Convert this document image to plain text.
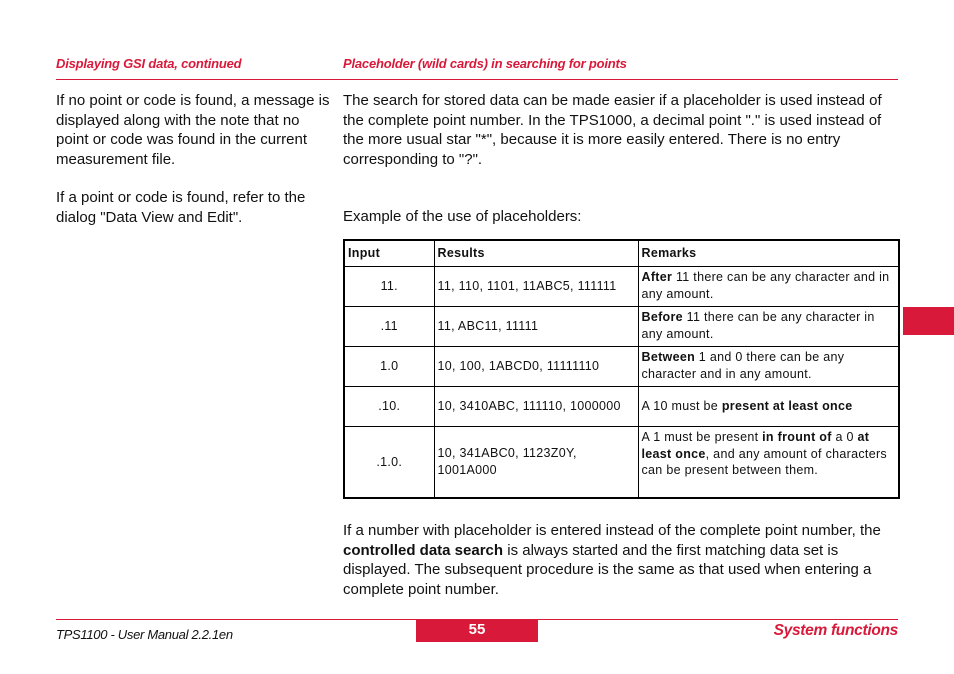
Displaying GSI data, continued	Placeholder (wild cards) in searching for points
If no point or code is found, a message is displayed along with the note that no point or code was found in the current measurement file.
If a point or code is found, refer to the dialog "Data View and Edit".
The search for stored data can be made easier if a placeholder is used instead of the complete point number. In the TPS1000, a decimal point "." is used instead of the more usual star "*", because it is more easily entered. There is no entry corresponding to "?".
Example of the use of placeholders:
Input	Results	Remarks
11.	11, 110, 1101, 11ABC5, 111111	After 11 there can be any character and in any amount.
.11	11, ABC11, 11111	Before 11 there can be any character in any amount.
1.0	10, 100, 1ABCD0, 11111110	Between 1 and 0 there can be any character and in any amount.
.10.	10, 3410ABC, 111110, 1000000	A 10 must be present at least once
.1.0.	10, 341ABC0, 1123Z0Y, 1001A000	A 1 must be present in frount of a 0 at least once, and any amount of characters can be present between them.
If a number with placeholder is entered instead of the complete point number, the controlled data search is always started and the first matching data set is displayed. The subsequent procedure is the same as that used when entering a complete point number.
TPS1100 - User Manual 2.2.1en	55	System functions
